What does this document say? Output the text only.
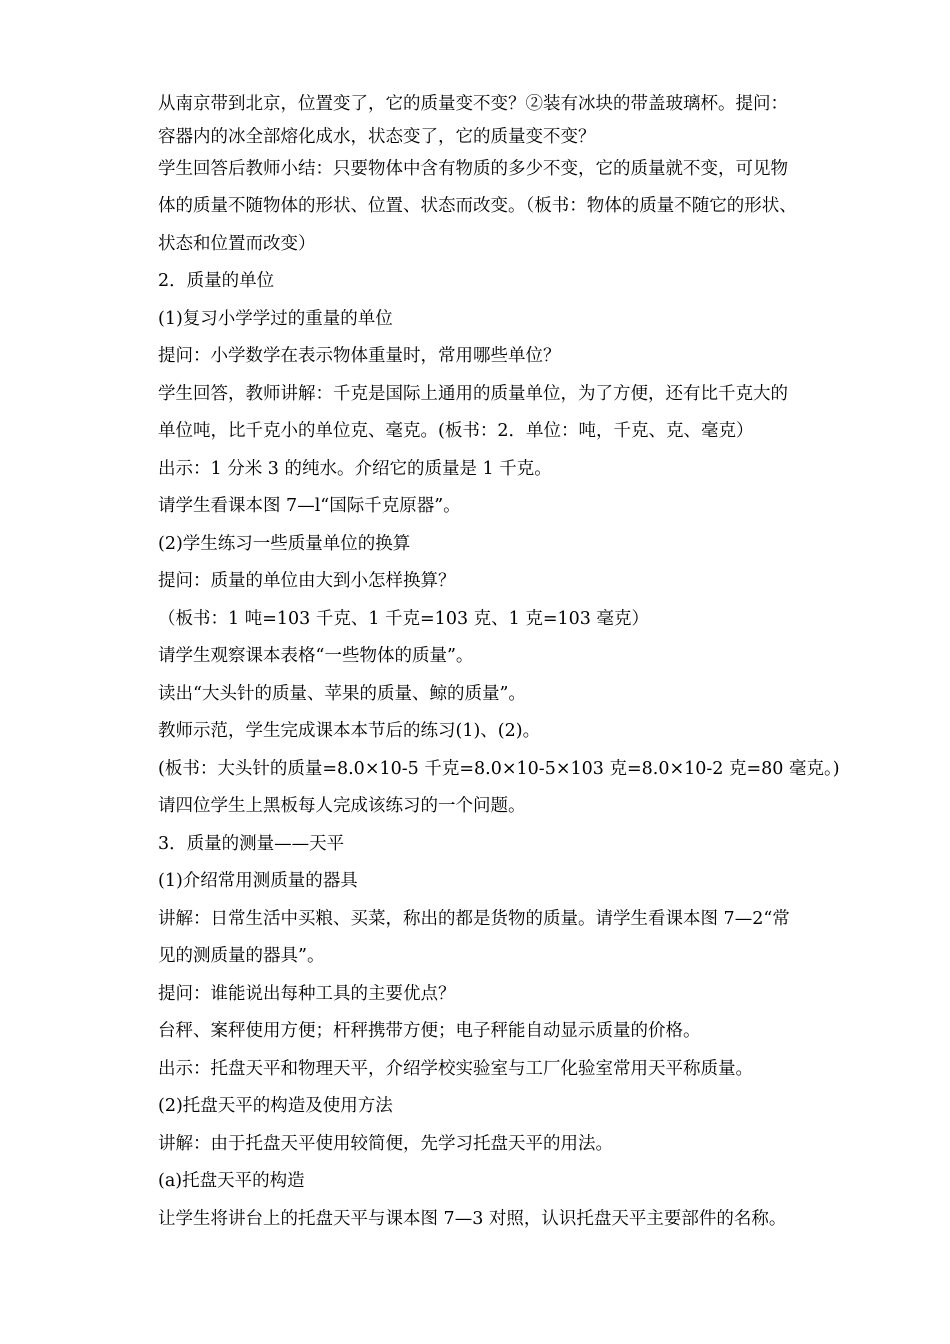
从南京带到北京，位置变了，它的质量变不变？②装有冰块的带盖玻璃杯。提问：

容器内的冰全部熔化成水，状态变了，它的质量变不变？

学生回答后教师小结：只要物体中含有物质的多少不变，它的质量就不变，可见物

体的质量不随物体的形状、位置、状态而改变。（板书：物体的质量不随它的形状、

状态和位置而改变）

2．质量的单位

(1)复习小学学过的重量的单位

提问：小学数学在表示物体重量时，常用哪些单位？

学生回答，教师讲解：千克是国际上通用的质量单位，为了方便，还有比千克大的

单位吨，比千克小的单位克、毫克。(板书：2．单位：吨，千克、克、毫克）

出示：1 分米 3 的纯水。介绍它的质量是 1 千克。

请学生看课本图 7—l“国际千克原器”。

(2)学生练习一些质量单位的换算

提问：质量的单位由大到小怎样换算？

（板书：1 吨=103 千克、1 千克=103 克、1 克=103 毫克）

请学生观察课本表格“一些物体的质量”。

读出“大头针的质量、苹果的质量、鲸的质量”。

教师示范，学生完成课本本节后的练习(1)、(2)。

(板书：大头针的质量=8.0×10-5 千克=8.0×10-5×103 克=8.0×10-2 克=80 毫克。)

请四位学生上黑板每人完成该练习的一个问题。

3．质量的测量——天平

(1)介绍常用测质量的器具

讲解：日常生活中买粮、买菜，称出的都是货物的质量。请学生看课本图 7—2“常

见的测质量的器具”。

提问：谁能说出每种工具的主要优点？

台秤、案秤使用方便；杆秤携带方便；电子秤能自动显示质量的价格。

出示：托盘天平和物理天平，介绍学校实验室与工厂化验室常用天平称质量。

(2)托盘天平的构造及使用方法

讲解：由于托盘天平使用较简便，先学习托盘天平的用法。

(a)托盘天平的构造

让学生将讲台上的托盘天平与课本图 7—3 对照，认识托盘天平主要部件的名称。
